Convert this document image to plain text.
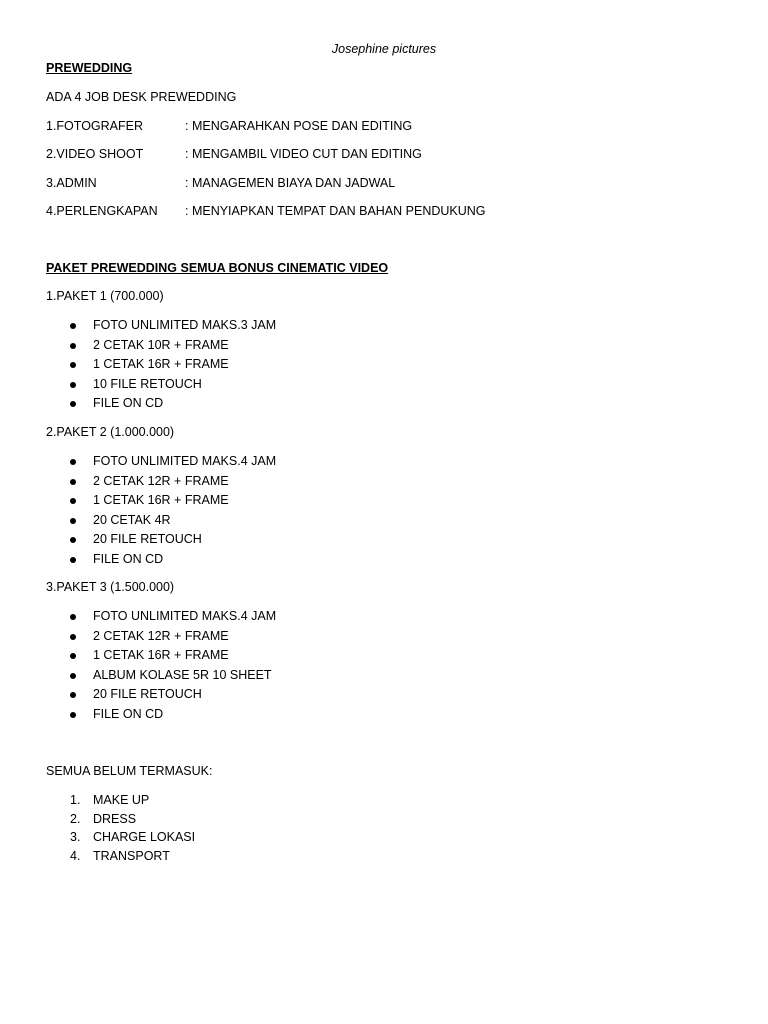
Josephine pictures
PREWEDDING
ADA 4 JOB DESK PREWEDDING
1.FOTOGRAFER	: MENGARAHKAN POSE DAN EDITING
2.VIDEO SHOOT	: MENGAMBIL VIDEO CUT DAN EDITING
3.ADMIN	: MANAGEMEN BIAYA DAN JADWAL
4.PERLENGKAPAN : MENYIAPKAN TEMPAT DAN BAHAN PENDUKUNG
PAKET PREWEDDING SEMUA BONUS CINEMATIC VIDEO
1.PAKET 1 (700.000)
FOTO UNLIMITED MAKS.3 JAM
2 CETAK 10R + FRAME
1 CETAK 16R + FRAME
10 FILE RETOUCH
FILE ON CD
2.PAKET 2 (1.000.000)
FOTO UNLIMITED MAKS.4 JAM
2 CETAK 12R + FRAME
1 CETAK 16R + FRAME
20 CETAK 4R
20 FILE RETOUCH
FILE ON CD
3.PAKET 3 (1.500.000)
FOTO UNLIMITED MAKS.4 JAM
2 CETAK 12R + FRAME
1 CETAK 16R + FRAME
ALBUM KOLASE 5R 10 SHEET
20 FILE RETOUCH
FILE ON CD
SEMUA BELUM TERMASUK:
1. MAKE UP
2. DRESS
3. CHARGE LOKASI
4. TRANSPORT
